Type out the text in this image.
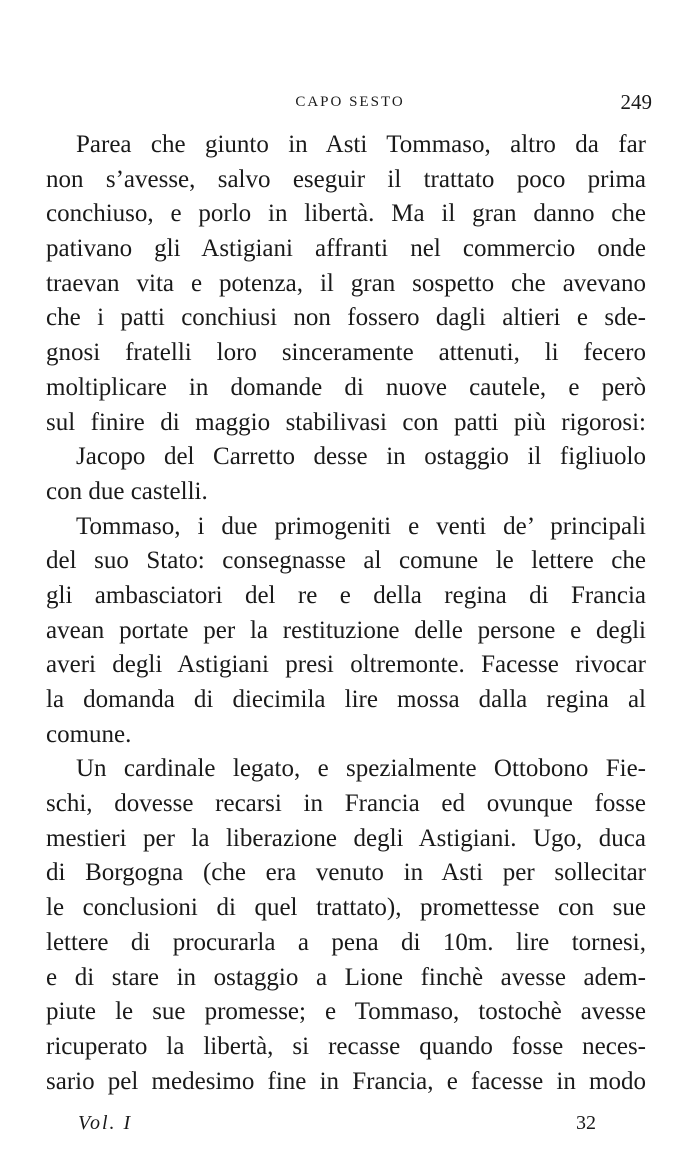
CAPO SESTO	249
Parea che giunto in Asti Tommaso, altro da far
non s’avesse, salvo eseguir il trattato poco prima
conchiuso, e porlo in libertà. Ma il gran danno che
pativano gli Astigiani affranti nel commercio onde
traevan vita e potenza, il gran sospetto che avevano
che i patti conchiusi non fossero dagli altieri e sde-
gnosi fratelli loro sinceramente attenuti, li fecero
moltiplicare in domande di nuove cautele, e però
sul finire di maggio stabilivasi con patti più rigorosi:
Jacopo del Carretto desse in ostaggio il figliuolo
con due castelli.
Tommaso, i due primogeniti e venti de’ principali
del suo Stato: consegnasse al comune le lettere che
gli ambasciatori del re e della regina di Francia
avean portate per la restituzione delle persone e degli
averi degli Astigiani presi oltremonte. Facesse rivocar
la domanda di diecimila lire mossa dalla regina al
comune.
Un cardinale legato, e spezialmente Ottobono Fie-
schi, dovesse recarsi in Francia ed ovunque fosse
mestieri per la liberazione degli Astigiani. Ugo, duca
di Borgogna (che era venuto in Asti per sollecitar
le conclusioni di quel trattato), promettesse con sue
lettere di procurarla a pena di 10m. lire tornesi,
e di stare in ostaggio a Lione finchè avesse adem-
piute le sue promesse; e Tommaso, tostochè avesse
ricuperato la libertà, si recasse quando fosse neces-
sario pel medesimo fine in Francia, e facesse in modo
Vol. I	32
